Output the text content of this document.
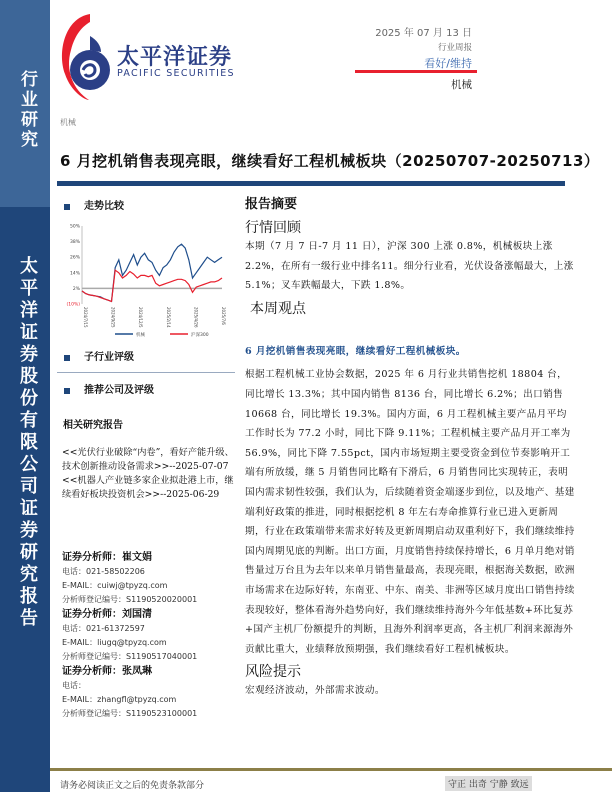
行业研究
太平洋证券股份有限公司证券研究报告
太平洋证券
PACIFIC SECURITIES
2025 年 07 月 13 日
行业周报
看好/维持
机械
机械
6 月挖机销售表现亮眼，继续看好工程机械板块（20250707-20250713）
走势比较
50%
38%
26%
14%
2%
(10%)
2024/7/15	2024/9/25	2024/12/5	2025/2/14	2025/4/26	2025/7/6
机械	沪深300
子行业评级
推荐公司及评级
相关研究报告
<<光伏行业破除“内卷”，看好产能升级、技术创新推动设备需求>>--2025-07-07
<<机器人产业链多家企业拟赴港上市，继续看好板块投资机会>>--2025-06-29
证券分析师：崔文娟
电话：021-58502206
E-MAIL：cuiwj@tpyzq.com
分析师登记编号：S1190520020001
证券分析师：刘国清
电话：021-61372597
E-MAIL：liugq@tpyzq.com
分析师登记编号：S1190517040001
证券分析师：张凤琳
电话：
E-MAIL：zhangfl@tpyzq.com
分析师登记编号：S1190523100001
报告摘要
行情回顾
本期（7 月 7 日-7 月 11 日），沪深 300 上涨 0.8%，机械板块上涨 2.2%，在所有一级行业中排名11。细分行业看，光伏设备涨幅最大，上涨 5.1%；叉车跌幅最大，下跌 1.8%。
本周观点
6 月挖机销售表现亮眼，继续看好工程机械板块。
根据工程机械工业协会数据，2025 年 6 月行业共销售挖机 18804 台，同比增长 13.3%；其中国内销售 8136 台，同比增长 6.2%；出口销售 10668 台，同比增长 19.3%。国内方面，6 月工程机械主要产品月平均工作时长为 77.2 小时，同比下降 9.11%；工程机械主要产品月开工率为 56.9%，同比下降 7.55pct，国内市场短期主要受资金到位节奏影响开工端有所放缓，继 5 月销售同比略有下滑后，6 月销售同比实现转正，表明国内需求韧性较强，我们认为，后续随着资金端逐步到位，以及地产、基建端利好政策的推进，同时根据挖机 8 年左右寿命推算行业已进入更新周期，行业在政策端带来需求好转及更新周期启动双重利好下，我们继续维持国内周期见底的判断。出口方面，月度销售持续保持增长，6 月单月绝对销售量过万台且为去年以来单月销售量最高，表现亮眼，根据海关数据，欧洲市场需求在边际好转，东南亚、中东、南美、非洲等区域月度出口销售持续表现较好，整体看海外趋势向好，我们继续维持海外今年低基数+环比复苏+国产主机厂份额提升的判断，且海外利润率更高，各主机厂利润来源海外贡献比重大，业绩释放预期强，我们继续看好工程机械板块。
风险提示
宏观经济波动，外部需求波动。
请务必阅读正文之后的免责条款部分	守正 出奇 宁静 致远
